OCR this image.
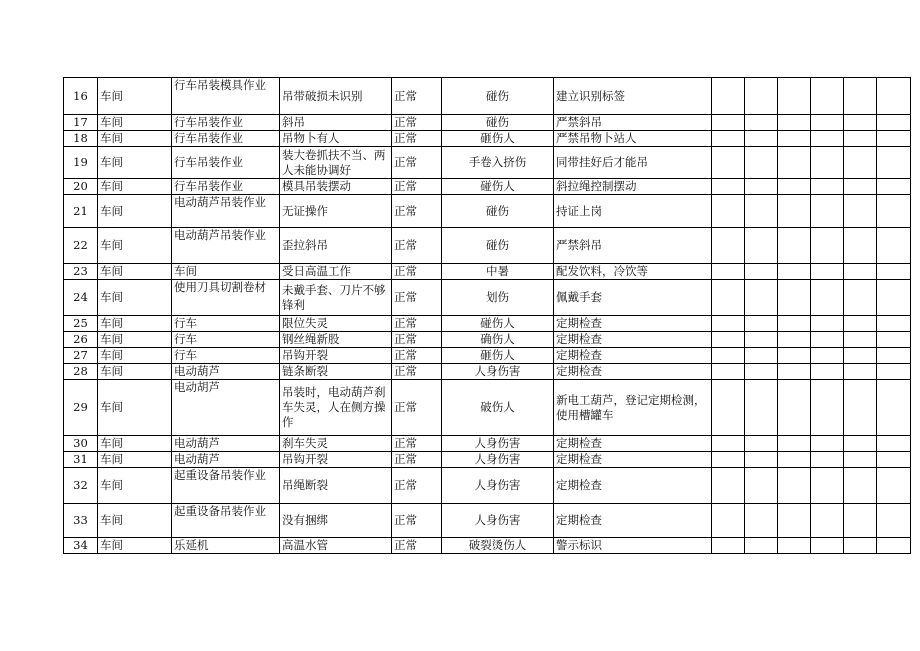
16	车间	行车吊装模具作业	吊带破损未识别	正常	碰伤	建立识别标签						
17	车间	行车吊装作业	斜吊	正常	碰伤	严禁斜吊						
18	车间	行车吊装作业	吊物卜有人	正常	砸伤人	严禁吊物卜站人						
19	车间	行车吊装作业	装大卷抓扶不当、两人未能协调好	正常	手卷入挤伤	同带挂好后才能吊						
20	车间	行车吊装作业	模具吊装摆动	正常	碰伤人	斜拉绳控制摆动						
21	车间	电动葫芦吊装作业	无证操作	正常	碰伤	持证上岗						
22	车间	电动葫芦吊装作业	歪拉斜吊	正常	碰伤	严禁斜吊						
23	车间	车间	受日高温工作	正常	中暑	配发饮料，冷饮等						
24	车间	使用刀具切割卷材	未戴手套、刀片不够锋利	正常	划伤	佩戴手套						
25	车间	行车	限位失灵	正常	碰伤人	定期检查						
26	车间	行车	钢丝绳新股	正常	确伤人	定期检查						
27	车间	行车	吊钩开裂	正常	砸伤人	定期检查						
28	车间	电动葫芦	链条断裂	正常	人身伤害	定期检查						
29	车间	电动胡芦	吊装时，电动葫芦刹车失灵，人在侧方操作	正常	破伤人	新电工葫芦，登记定期检测，使用槽罐车						
30	车间	电动葫芦	刹车失灵	正常	人身伤害	定期检查						
31	车间	电动葫芦	吊钩开裂	正常	人身伤害	定期检查						
32	车间	起重设备吊装作业	吊绳断裂	正常	人身伤害	定期检查						
33	车间	起重设备吊装作业	没有捆绑	正常	人身伤害	定期检查						
34	车间	乐延机	高温水管	正常	破裂烫伤人	警示标识						
